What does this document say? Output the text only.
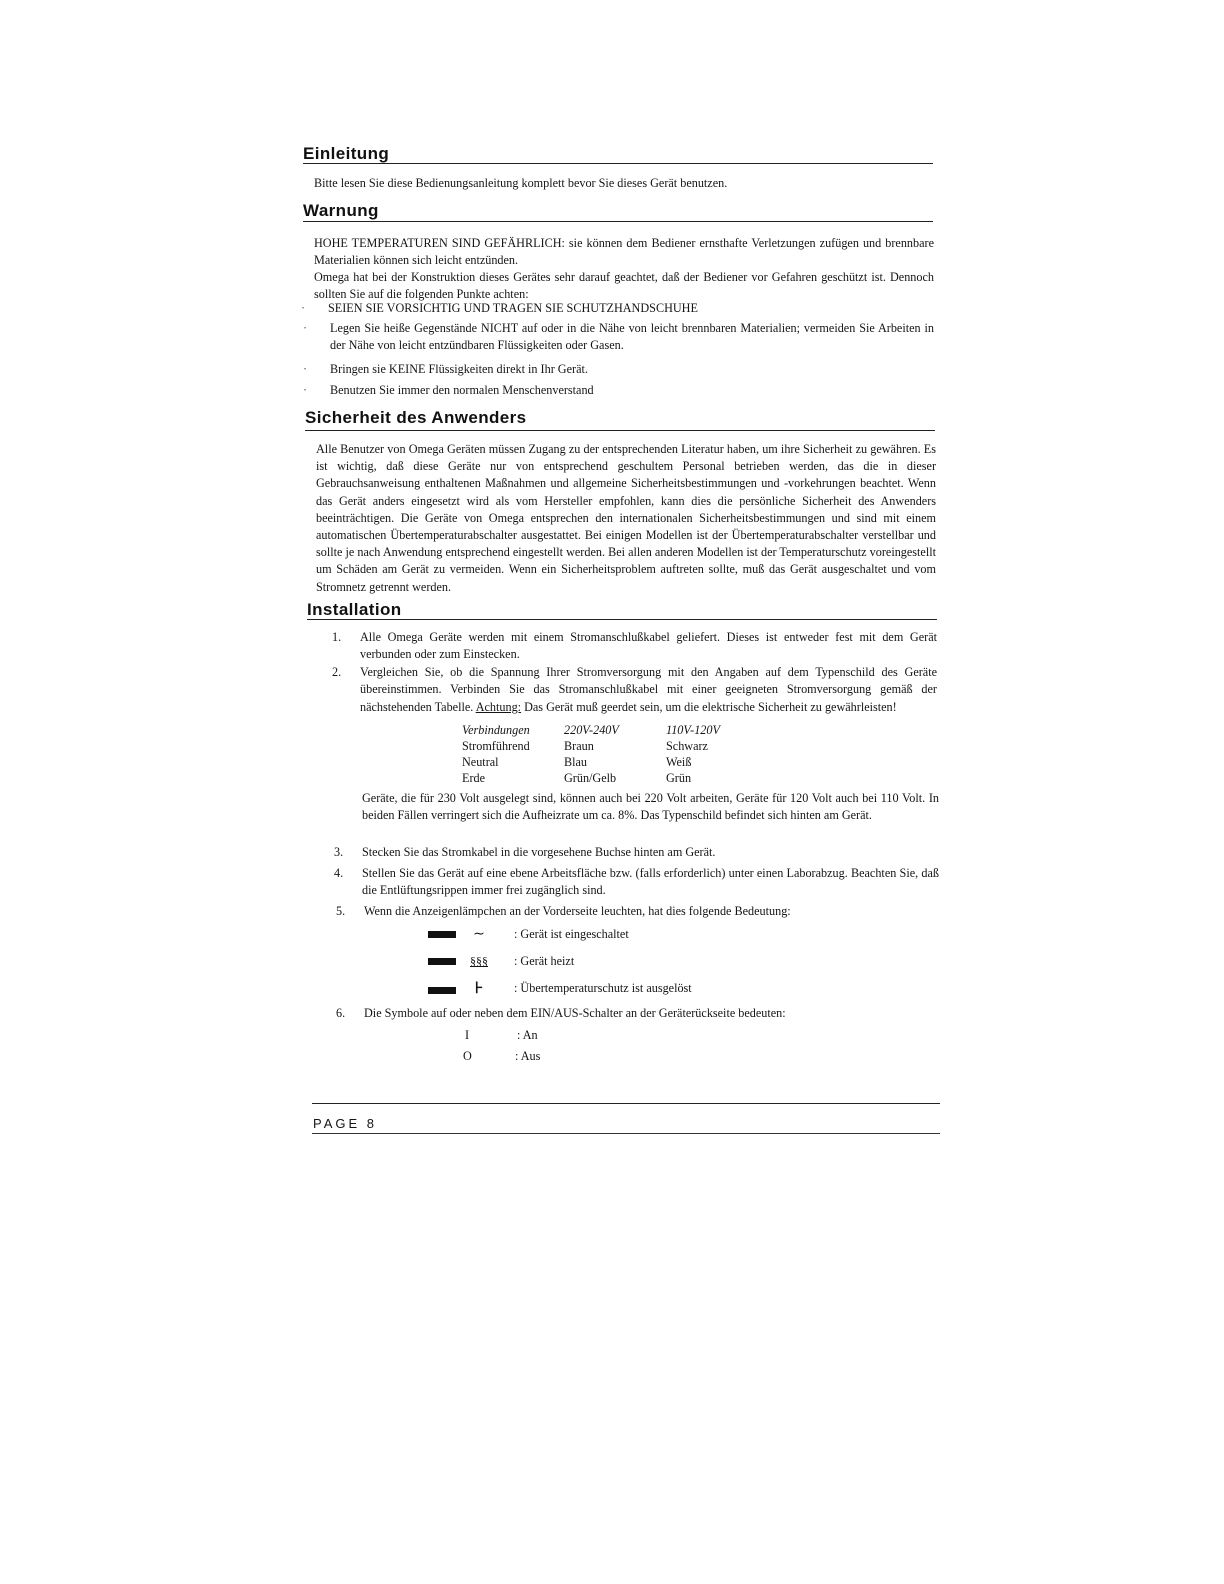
Einleitung

Bitte lesen Sie diese Bedienungsanleitung komplett bevor Sie dieses Gerät benutzen.

Warnung

HOHE TEMPERATUREN SIND GEFÄHRLICH: sie können dem Bediener ernsthafte Verletzungen zufügen und brennbare Materialien können sich leicht entzünden.

Omega hat bei der Konstruktion dieses Gerätes sehr darauf geachtet, daß der Bediener vor Gefahren geschützt ist. Dennoch sollten Sie auf die folgenden Punkte achten:

· SEIEN SIE VORSICHTIG UND TRAGEN SIE SCHUTZHANDSCHUHE
· Legen Sie heiße Gegenstände NICHT auf oder in die Nähe von leicht brennbaren Materialien; vermeiden Sie Arbeiten in der Nähe von leicht entzündbaren Flüssigkeiten oder Gasen.
· Bringen sie KEINE Flüssigkeiten direkt in Ihr Gerät.
· Benutzen Sie immer den normalen Menschenverstand
Sicherheit des Anwenders

Alle Benutzer von Omega Geräten müssen Zugang zu der entsprechenden Literatur haben, um ihre Sicherheit zu gewähren. Es ist wichtig, daß diese Geräte nur von entsprechend geschultem Personal betrieben werden, das die in dieser Gebrauchsanweisung enthaltenen Maßnahmen und allgemeine Sicherheitsbestimmungen und -vorkehrungen beachtet. Wenn das Gerät anders eingesetzt wird als vom Hersteller empfohlen, kann dies die persönliche Sicherheit des Anwenders beeinträchtigen. Die Geräte von Omega entsprechen den internationalen Sicherheitsbestimmungen und sind mit einem automatischen Übertemperaturabschalter ausgestattet. Bei einigen Modellen ist der Übertemperaturabschalter verstellbar und sollte je nach Anwendung entsprechend eingestellt werden. Bei allen anderen Modellen ist der Temperaturschutz voreingestellt um Schäden am Gerät zu vermeiden. Wenn ein Sicherheitsproblem auftreten sollte, muß das Gerät ausgeschaltet und vom Stromnetz getrennt werden.

Installation
1.	Alle Omega Geräte werden mit einem Stromanschlußkabel geliefert. Dieses ist entweder fest mit dem Gerät verbunden oder zum Einstecken.
2.	Vergleichen Sie, ob die Spannung Ihrer Stromversorgung mit den Angaben auf dem Typenschild des Geräte übereinstimmen. Verbinden Sie das Stromanschlußkabel mit einer geeigneten Stromversorgung gemäß der nächstehenden Tabelle. Achtung: Das Gerät muß geerdet sein, um die elektrische Sicherheit zu gewährleisten!
Verbindungen	220V-240V	110V-120V
Stromführend	Braun	Schwarz
Neutral	Blau	Weiß
Erde	Grün/Gelb	Grün

Geräte, die für 230 Volt ausgelegt sind, können auch bei 220 Volt arbeiten, Geräte für 120 Volt auch bei 110 Volt. In beiden Fällen verringert sich die Aufheizrate um ca. 8%. Das Typenschild befindet sich hinten am Gerät.

3.	Stecken Sie das Stromkabel in die vorgesehene Buchse hinten am Gerät.
4.	Stellen Sie das Gerät auf eine ebene Arbeitsfläche bzw. (falls erforderlich) unter einen Laborabzug. Beachten Sie, daß die Entlüftungsrippen immer frei zugänglich sind.
5.	Wenn die Anzeigenlämpchen an der Vorderseite leuchten, hat dies folgende Bedeutung:
∼	: Gerät ist eingeschaltet
§§§ : Gerät heizt
⊦	: Übertemperaturschutz ist ausgelöst
6.	Die Symbole auf oder neben dem EIN/AUS-Schalter an der Geräterückseite bedeuten:
I	: An
O	: Aus
PAGE 8
